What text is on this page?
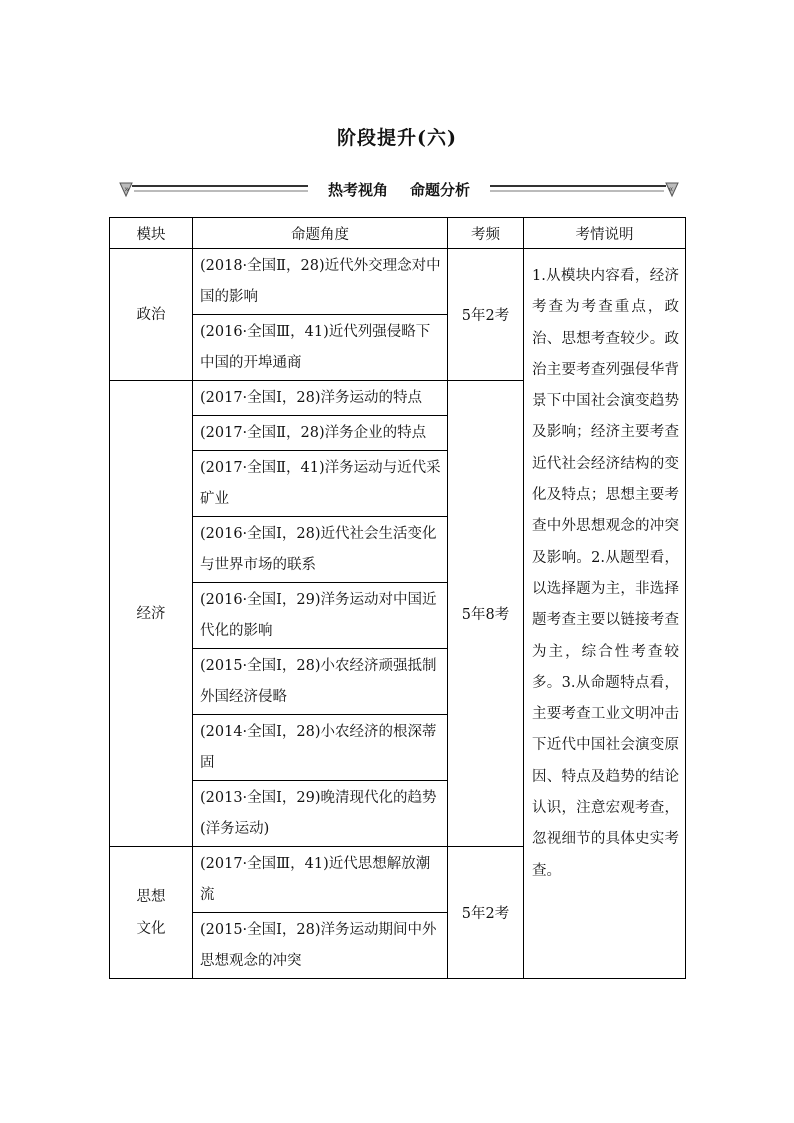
阶段提升(六)
»	«
热考视角 命题分析
模块	命题角度	考频	考情说明
政治	(2018·全国Ⅱ，28)近代外交理念对中国的影响	5年2考	1.从模块内容看，经济考查为考查重点，政治、思想考查较少。政治主要考查列强侵华背景下中国社会演变趋势及影响；经济主要考查近代社会经济结构的变化及特点；思想主要考查中外思想观念的冲突及影响。2.从题型看，以选择题为主，非选择题考查主要以链接考查为主，综合性考查较多。3.从命题特点看，主要考查工业文明冲击下近代中国社会演变原因、特点及趋势的结论认识，注意宏观考查，忽视细节的具体史实考查。
	(2016·全国Ⅲ，41)近代列强侵略下中国的开埠通商		
经济	(2017·全国Ⅰ，28)洋务运动的特点	5年8考	
	(2017·全国Ⅱ，28)洋务企业的特点		
	(2017·全国Ⅱ，41)洋务运动与近代采矿业		
	(2016·全国Ⅰ，28)近代社会生活变化与世界市场的联系		
	(2016·全国Ⅰ，29)洋务运动对中国近代化的影响		
	(2015·全国Ⅰ，28)小农经济顽强抵制外国经济侵略		
	(2014·全国Ⅰ，28)小农经济的根深蒂固		
	(2013·全国Ⅰ，29)晚清现代化的趋势(洋务运动)		
思想文化	(2017·全国Ⅲ，41)近代思想解放潮流	5年2考	
	(2015·全国Ⅰ，28)洋务运动期间中外思想观念的冲突		
